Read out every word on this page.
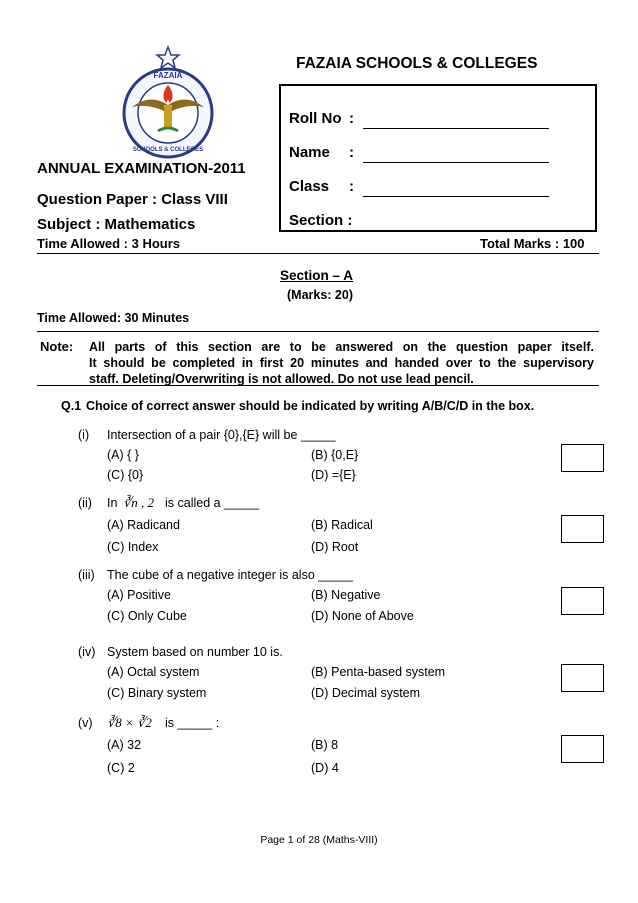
FAZAIA
SCHOOLS & COLLEGES
FAZAIA SCHOOLS & COLLEGES
Roll No :
Name :
Class :
Section :
ANNUAL EXAMINATION-2011
Question Paper : Class VIII
Subject : Mathematics
Time Allowed : 3 Hours	Total Marks : 100
Section – A
(Marks: 20)
Time Allowed: 30 Minutes
Note: All parts of this section are to be answered on the question paper itself.
It should be completed in first 20 minutes and handed over to the supervisory
staff. Deleting/Overwriting is not allowed. Do not use lead pencil.
Q.1 Choice of correct answer should be indicated by writing A/B/C/D in the box.
(i) Intersection of a pair {0},{E} will be _____
(A) { }	(B) {0,E}
(C) {0}	(D) ={E}
(ii) In ∛n , 2 is called a _____
(A) Radicand	(B) Radical
(C) Index	(D) Root
(iii) The cube of a negative integer is also _____
(A) Positive	(B) Negative
(C) Only Cube	(D) None of Above
(iv) System based on number 10 is.
(A) Octal system	(B) Penta-based system
(C) Binary system	(D) Decimal system
(v) ∛8 × ∛2 is _____ :
(A) 32	(B) 8
(C) 2	(D) 4
Page 1 of 28 (Maths-VIII)
